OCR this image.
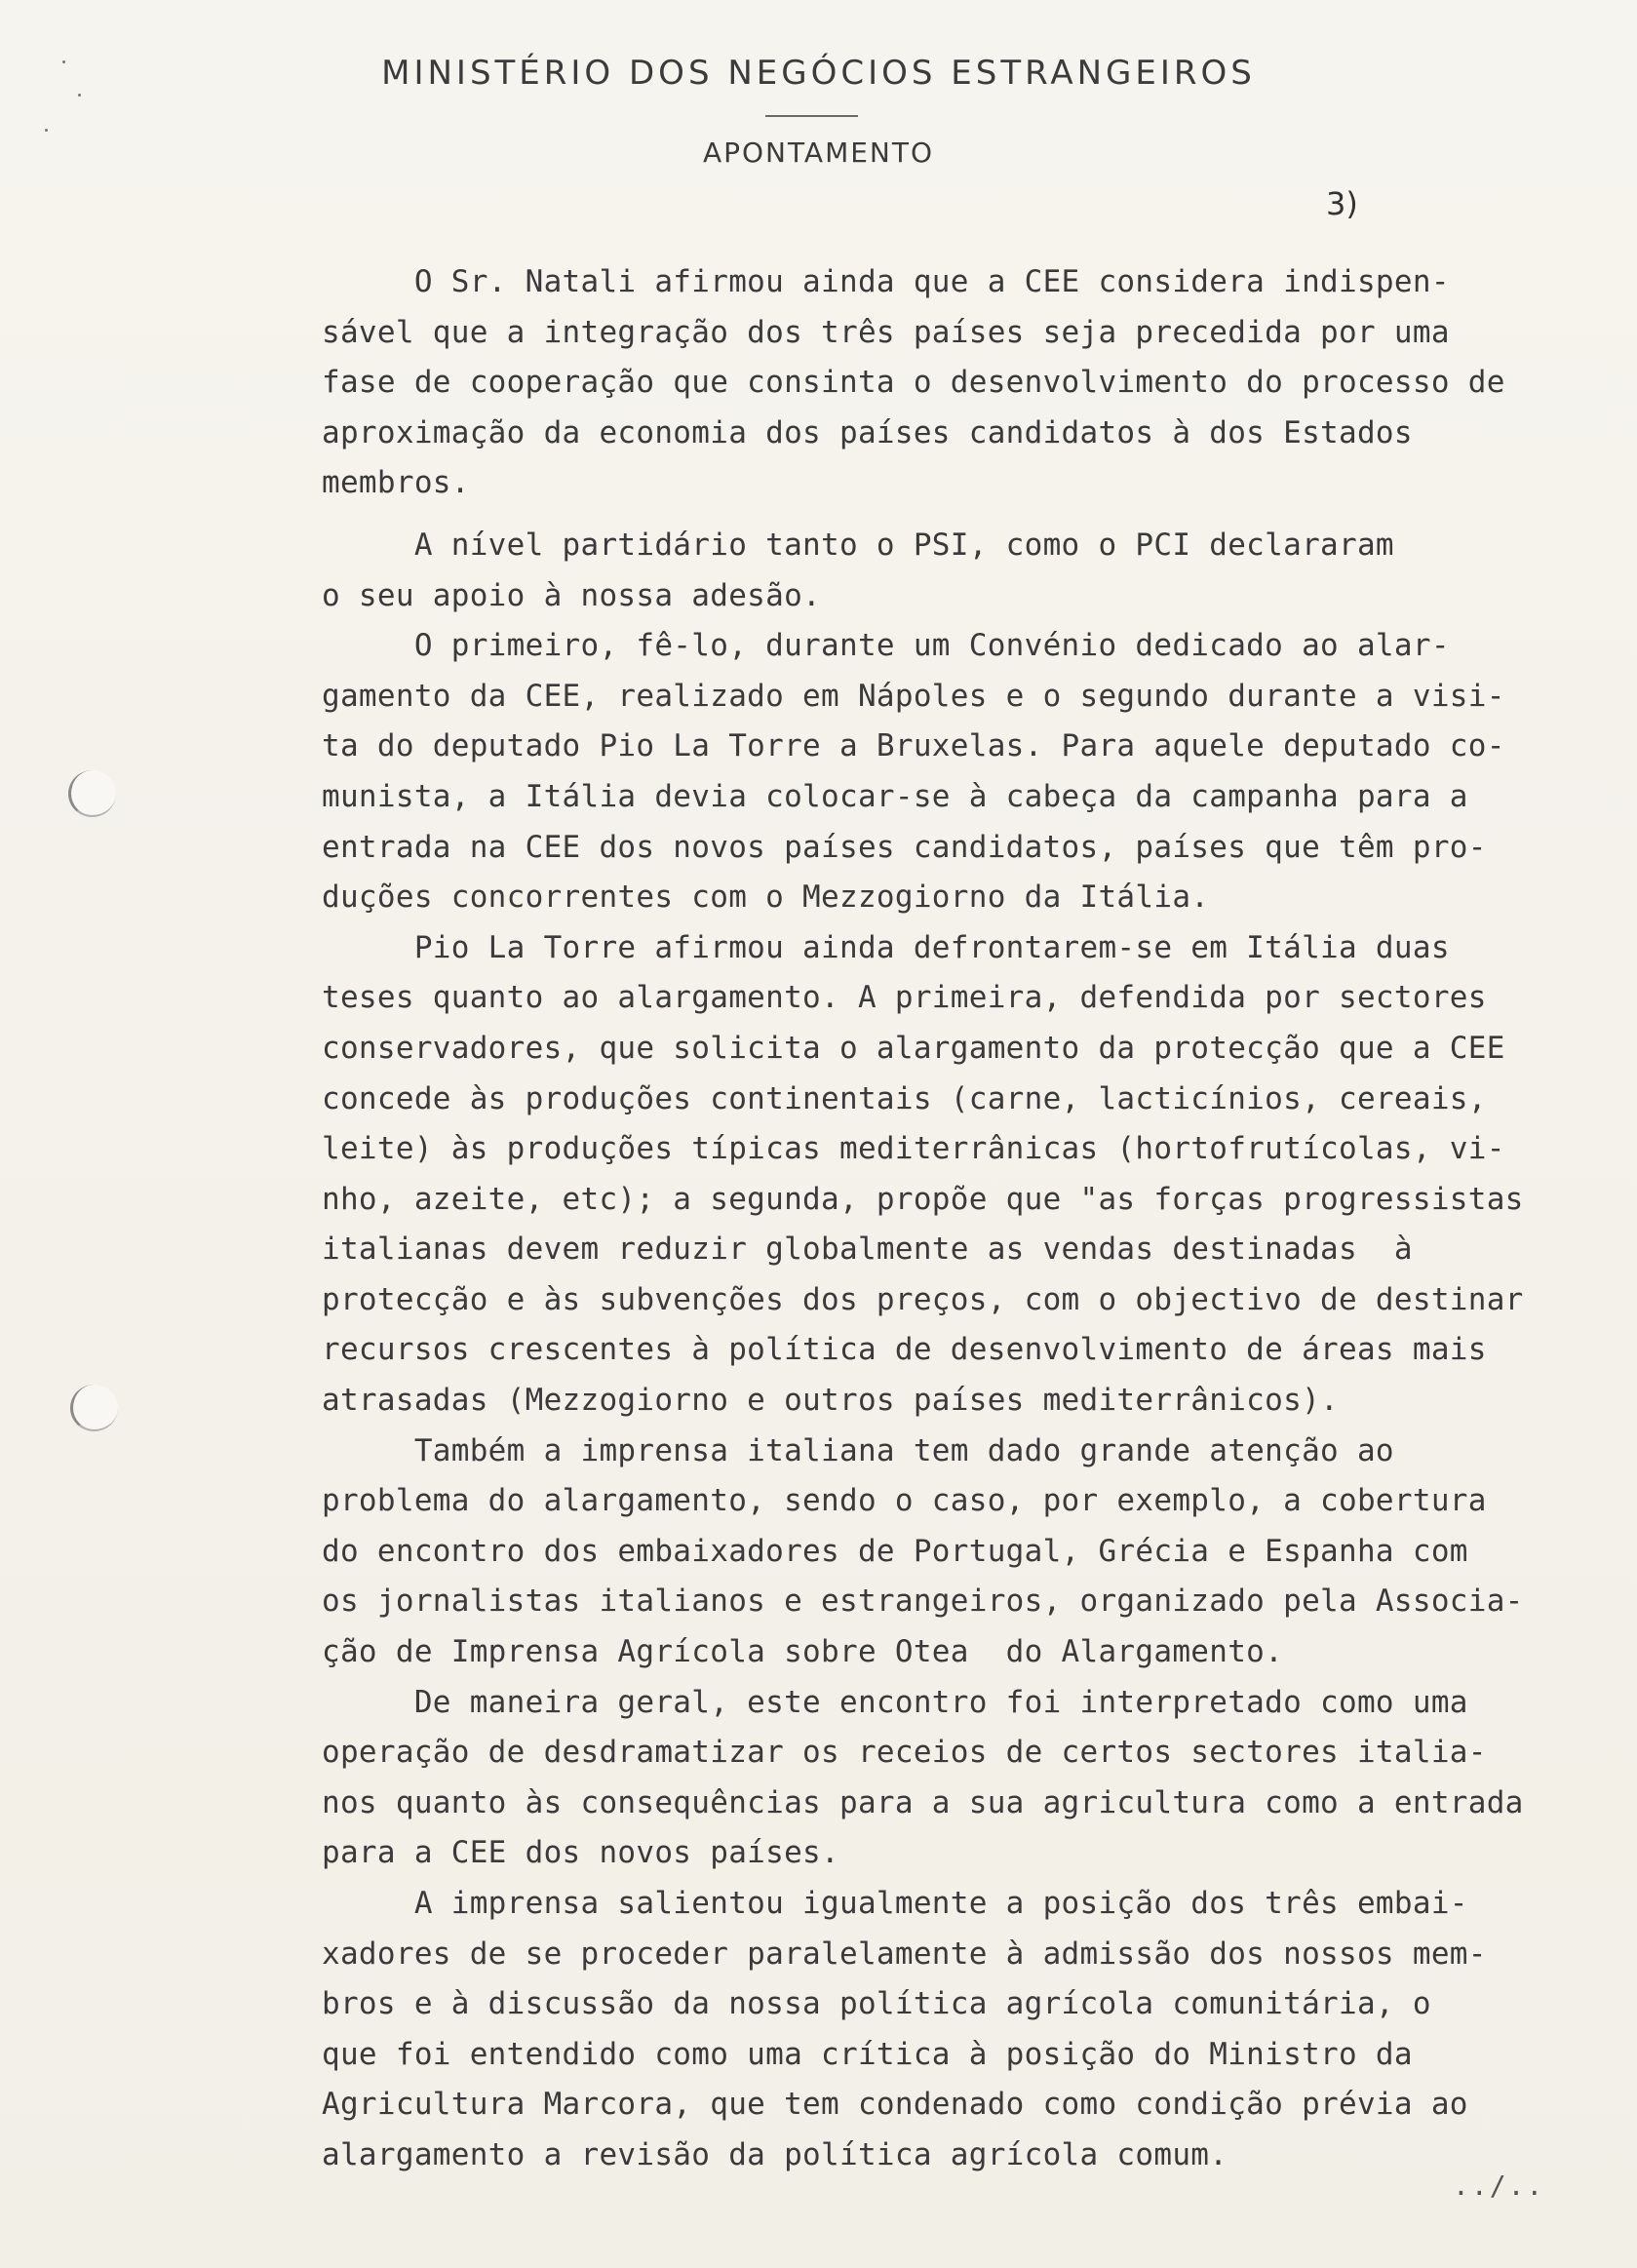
MINISTÉRIO DOS NEGÓCIOS ESTRANGEIROS
APONTAMENTO
3)
O Sr. Natali afirmou ainda que a CEE considera indispen-
sável que a integração dos três países seja precedida por uma
fase de cooperação que consinta o desenvolvimento do processo de
aproximação da economia dos países candidatos à dos Estados
membros.
A nível partidário tanto o PSI, como o PCI declararam
o seu apoio à nossa adesão.
O primeiro, fê-lo, durante um Convénio dedicado ao alar-
gamento da CEE, realizado em Nápoles e o segundo durante a visi-
ta do deputado Pio La Torre a Bruxelas. Para aquele deputado co-
munista, a Itália devia colocar-se à cabeça da campanha para a
entrada na CEE dos novos países candidatos, países que têm pro-
duções concorrentes com o Mezzogiorno da Itália.
Pio La Torre afirmou ainda defrontarem-se em Itália duas
teses quanto ao alargamento. A primeira, defendida por sectores
conservadores, que solicita o alargamento da protecção que a CEE
concede às produções continentais (carne, lacticínios, cereais,
leite) às produções típicas mediterrânicas (hortofrutícolas, vi-
nho, azeite, etc); a segunda, propõe que "as forças progressistas
italianas devem reduzir globalmente as vendas destinadas  à
protecção e às subvenções dos preços, com o objectivo de destinar
recursos crescentes à política de desenvolvimento de áreas mais
atrasadas (Mezzogiorno e outros países mediterrânicos).
Também a imprensa italiana tem dado grande atenção ao
problema do alargamento, sendo o caso, por exemplo, a cobertura
do encontro dos embaixadores de Portugal, Grécia e Espanha com
os jornalistas italianos e estrangeiros, organizado pela Associa-
ção de Imprensa Agrícola sobre Otea  do Alargamento.
De maneira geral, este encontro foi interpretado como uma
operação de desdramatizar os receios de certos sectores italia-
nos quanto às consequências para a sua agricultura como a entrada
para a CEE dos novos países.
A imprensa salientou igualmente a posição dos três embai-
xadores de se proceder paralelamente à admissão dos nossos mem-
bros e à discussão da nossa política agrícola comunitária, o
que foi entendido como uma crítica à posição do Ministro da
Agricultura Marcora, que tem condenado como condição prévia ao
alargamento a revisão da política agrícola comum.
../..
